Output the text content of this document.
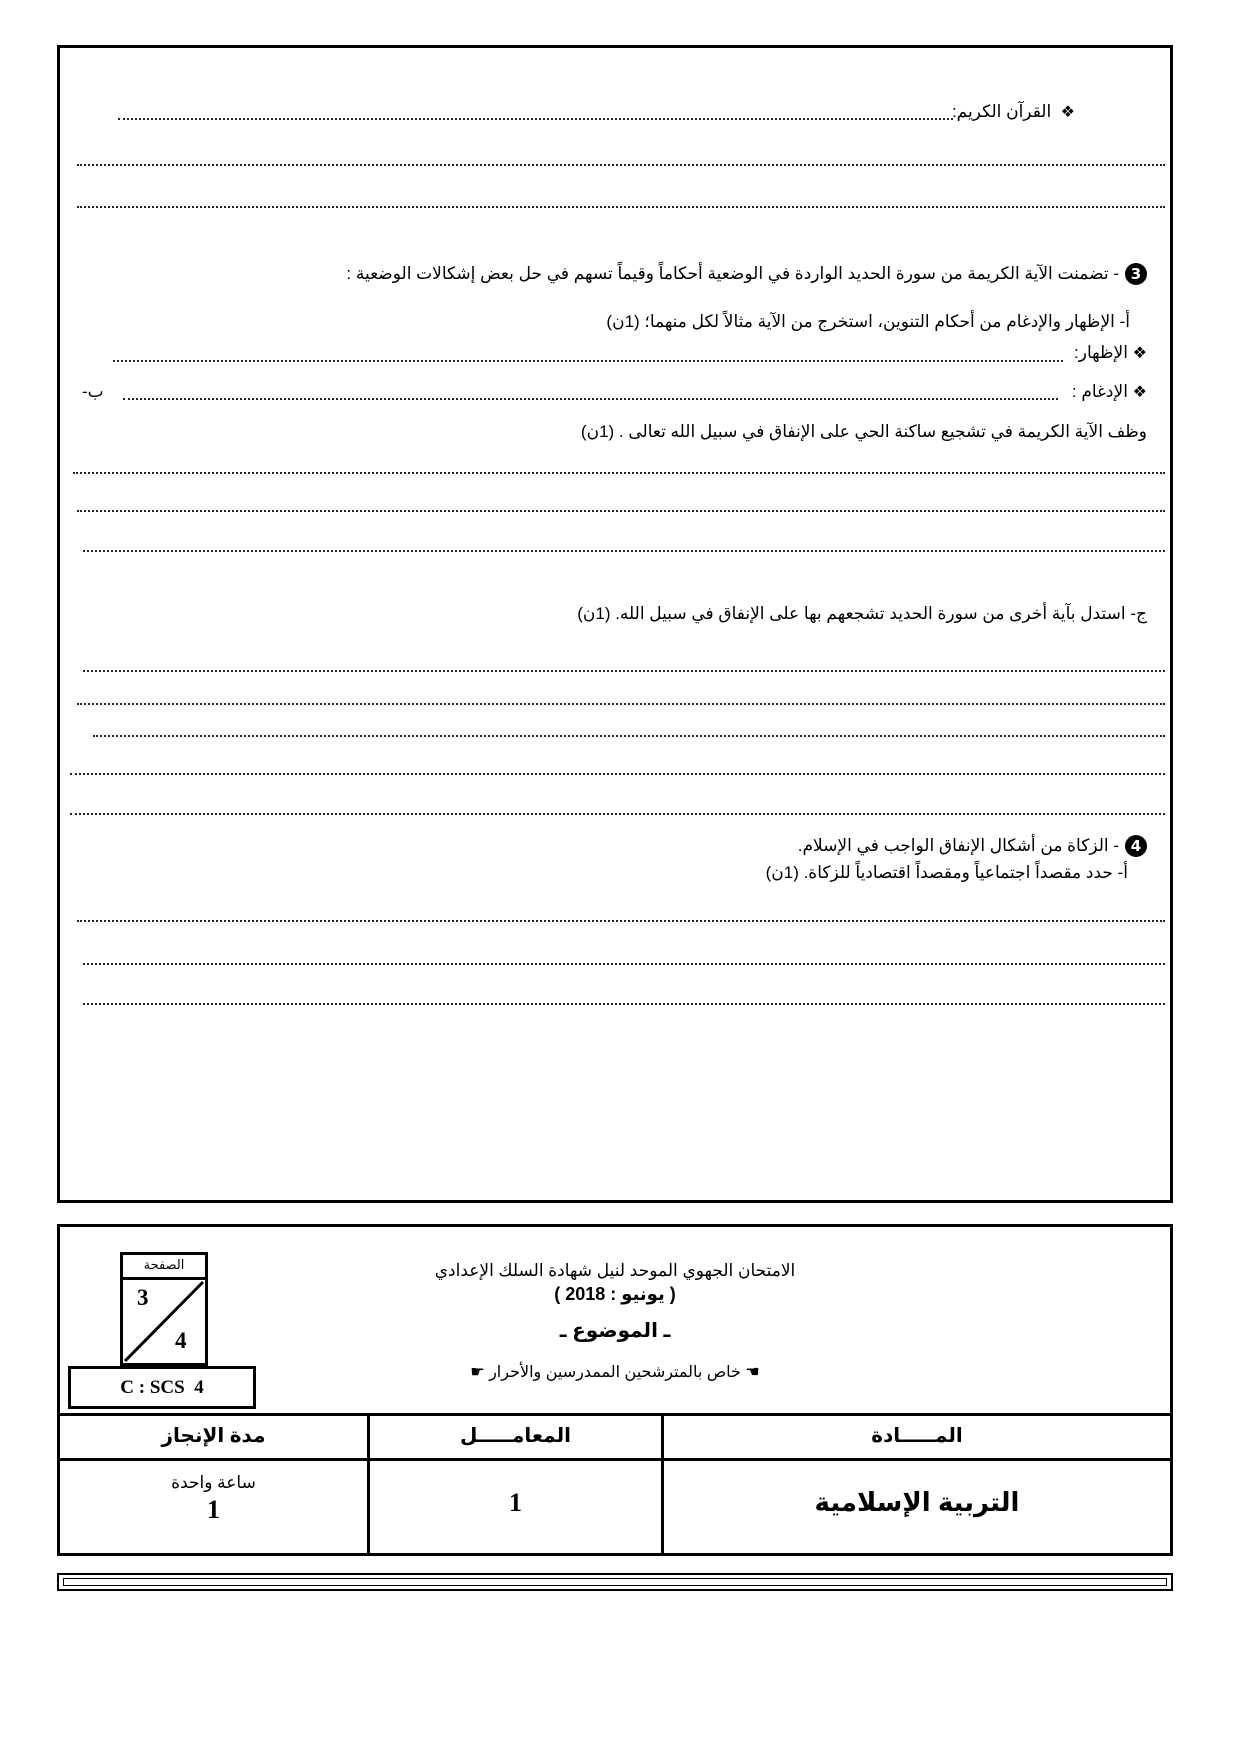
❖  القرآن الكريم:
3- تضمنت الآية الكريمة من سورة الحديد الواردة في الوضعية أحكاماً وقيماً تسهم في حل بعض إشكالات الوضعية :
أ- الإظهار والإدغام من أحكام التنوين، استخرج من الآية مثالاً لكل منهما؛ (1ن)
❖ الإظهار:
❖ الإدغام :
ب-
وظف الآية الكريمة في تشجيع ساكنة الحي على الإنفاق في سبيل الله تعالى . (1ن)
ج- استدل بآية أخرى من سورة الحديد تشجعهم بها على الإنفاق في سبيل الله. (1ن)
4- الزكاة من أشكال الإنفاق الواجب في الإسلام.
أ- حدد مقصداً اجتماعياً ومقصداً اقتصادياً للزكاة. (1ن)
الصفحة
3
4
C : SCS  4
الامتحان الجهوي الموحد لنيل شهادة السلك الإعدادي
( يونيو : 2018 )
ـ الموضوع ـ
☚ خاص بالمترشحين الممدرسين والأحرار ☛
مدة الإنجاز	المعامـــــل	المـــــادة
ساعة واحدة
1	1	التربية الإسلامية
